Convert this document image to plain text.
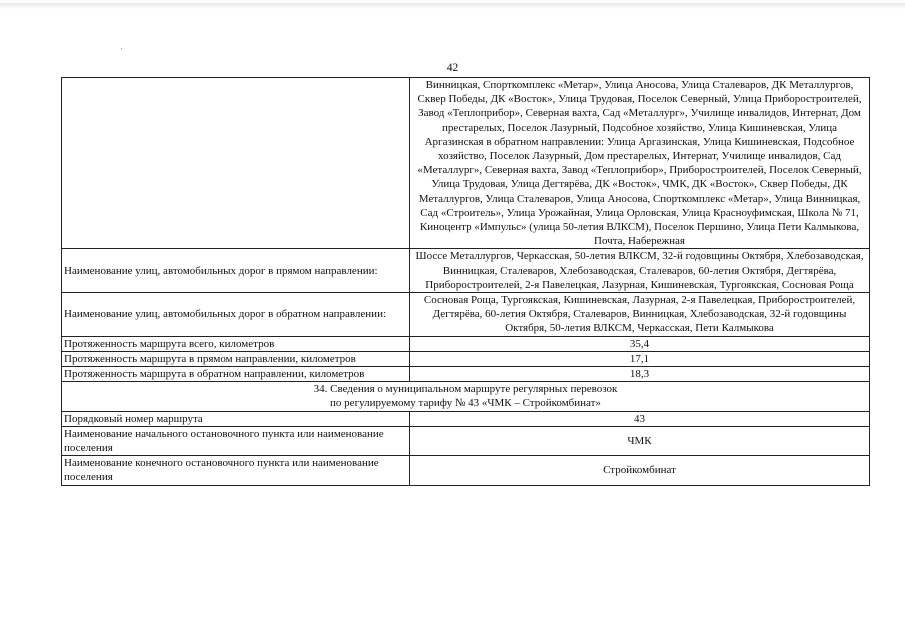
42
	Винницкая, Спорткомплекс «Метар», Улица Аносова, Улица Сталеваров, ДК Металлургов, Сквер Победы, ДК «Восток», Улица Трудовая, Поселок Северный, Улица Приборостроителей, Завод «Теплоприбор», Северная вахта, Сад «Металлург», Училище инвалидов, Интернат, Дом престарелых, Поселок Лазурный, Подсобное хозяйство, Улица Кишиневская, Улица Аргазинская в обратном направлении: Улица Аргазинская, Улица Кишиневская, Подсобное хозяйство, Поселок Лазурный, Дом престарелых, Интернат, Училище инвалидов, Сад «Металлург», Северная вахта, Завод «Теплоприбор», Приборостроителей, Поселок Северный, Улица Трудовая, Улица Дегтярёва, ДК «Восток», ЧМК, ДК «Восток», Сквер Победы, ДК Металлургов, Улица Сталеваров, Улица Аносова, Спорткомплекс «Метар», Улица Винницкая, Сад «Строитель», Улица Урожайная, Улица Орловская, Улица Красноуфимская, Школа № 71, Киноцентр «Импульс» (улица 50-летия ВЛКСМ), Поселок Першино, Улица Пети Калмыкова, Почта, Набережная
Наименование улиц, автомобильных дорог в прямом направлении:	Шоссе Металлургов, Черкасская, 50-летия ВЛКСМ, 32-й годовщины Октября, Хлебозаводская, Винницкая, Сталеваров, Хлебозаводская, Сталеваров, 60-летия Октября, Дегтярёва, Приборостроителей, 2-я Павелецкая, Лазурная, Кишиневская, Тургоякская, Сосновая Роща
Наименование улиц, автомобильных дорог в обратном направлении:	Сосновая Роща, Тургоякская, Кишиневская, Лазурная, 2-я Павелецкая, Приборостроителей, Дегтярёва, 60-летия Октября, Сталеваров, Винницкая, Хлебозаводская, 32-й годовщины Октября, 50-летия ВЛКСМ, Черкасская, Пети Калмыкова
Протяженность маршрута всего, километров	35,4
Протяженность маршрута в прямом направлении, километров	17,1
Протяженность маршрута в обратном направлении, километров	18,3

34. Сведения о муниципальном маршруте регулярных перевозок
по регулируемому тарифу № 43 «ЧМК – Стройкомбинат»	

Порядковый номер маршрута	43
Наименование начального остановочного пункта или наименование поселения	ЧМК
Наименование конечного остановочного пункта или наименование поселения	Стройкомбинат
